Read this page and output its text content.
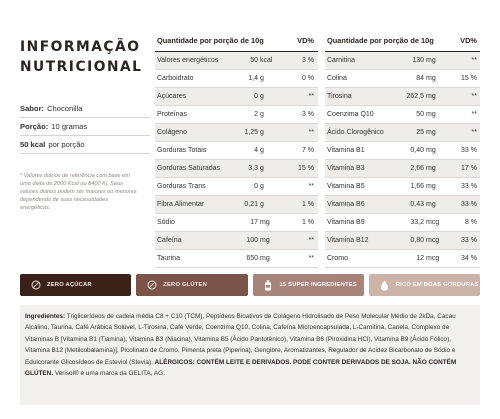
INFORMAÇÃO NUTRICIONAL
Sabor: Choconilla
Porção: 10 gramas
50 kcal por porção
* Valores diários de referência com base em uma dieta de 2000 Kcal ou 8400 Kj. Seus valores diários podem ser maiores ou menores dependendo de suas necessidades energéticas.
Quantidade por porção de 10g	VD%
Valores energéticos	50 kcal	3 %
Carboidrato	1,4 g	0 %
Açúcares	0 g	**
Proteínas	2 g	3 %
Colágeno	1,25 g	**
Gorduras Totais	4 g	7 %
Gorduras Saturadas	3,3 g	15 %
Gorduras Trans	0 g	**
Fibra Alimentar	0,21 g	1 %
Sódio	17 mg	1 %
Cafeína	100 mg	**
Taurina	650 mg	**
Quantidade por porção de 10g	VD%
Carnitina	130 mg	**
Colina	84 mg	15 %
Tirosina	262,5 mg	**
Coenzima Q10	50 mg	**
Ácido Clorogênico	25 mg	**
Vitamina B1	0,40 mg	33 %
Vitamina B3	2,66 mg	17 %
Vitamina B5	1,66 mg	33 %
Vitamina B6	0,43 mg	33 %
Vitamina B9	33,2 mcg	8 %
Vitamina B12	0,80 mcg	33 %
Cromo	12 mcg	34 %
ZERO AÇÚCAR	ZERO GLÚTEN	15 SUPER INGREDIENTES	RICO EM BOAS GORDURAS
Ingredientes: Triglicerídeos de cadeia média C8 + C10 (TCM), Peptídeos Bioativos de Colágeno Hidrolisado de Peso Molecular Médio de 2kDa, Cacau Alcalino, Taurina, Café Arábica Solúvel, L-Tirosina, Café Verde, Coenzima Q10, Colina, Cafeína Microencapsulada, L-Carnitina, Canela, Complexo de Vitaminas B [Vitamina B1 (Tiamina), Vitamina B3 (Niacina), Vitamina B5 (Ácido Pantotênico), Vitamina B6 (Piroxidina HCl), Vitamina B9 (Ácido Fólico), Vitamina B12 (Metilcobalamina)], Picolinato de Cromo, Pimenta preta (Piperina), Gengibre, Aromatizantes, Regulador de Acidez Bicarbonato de Sódio e Edulcorante Glicosídeos de Esteviol (Stevia). ALÉRGICOS: CONTÉM LEITE E DERIVADOS. PODE CONTER DERIVADOS DE SOJA. NÃO CONTÉM GLÚTEN. Verisol® é uma marca da GELITA, AG.
